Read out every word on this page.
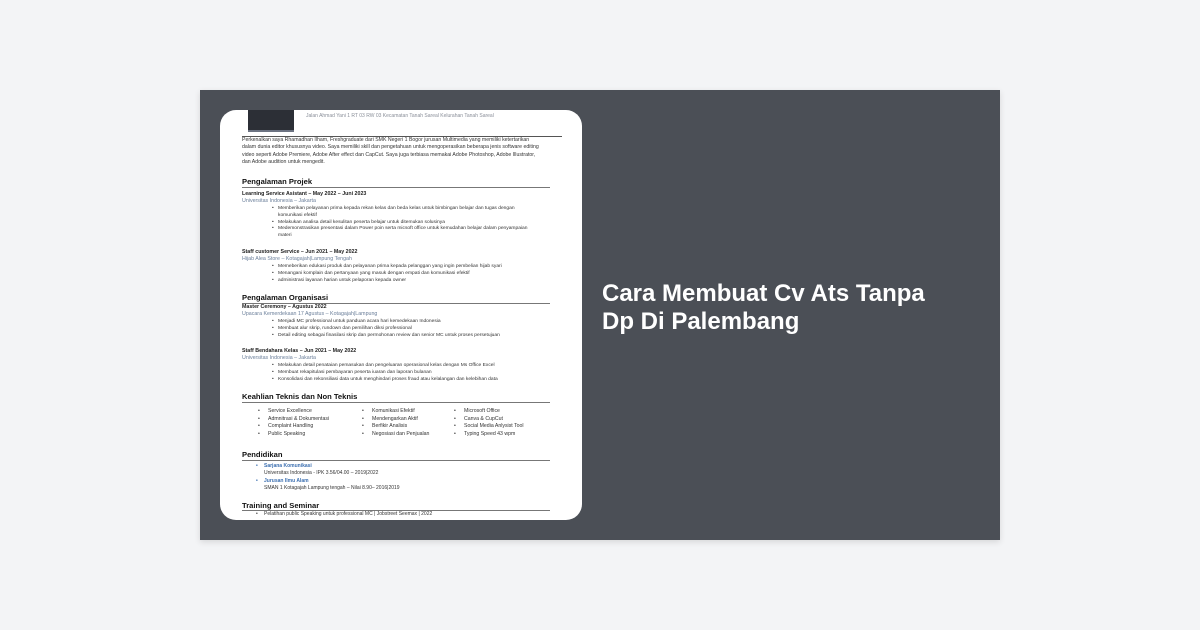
Jalan Ahmad Yani 1 RT 03 RW 03 Kecamatan Tanah Sareal Kelurahan Tanah Sareal
Perkenalkan saya Rhamadhan Ilham, Freshgraduate dari SMK Negeri 1 Bogor jurusan Multimedia yang memiliki ketertarikan dalam dunia editor khususnya video. Saya memiliki skill dan pengetahuan untuk mengoperasikan beberapa jenis software editing video seperti Adobe Premiere, Adobe After effect dan CapCut. Saya juga terbiasa memakai Adobe Photoshop, Adobe Illustrator, dan Adobe audition untuk mengedit.
Pengalaman Projek
Learning Service Asistant – May 2022 – Juni 2023
Universitas Indonesia – Jakarta
• Memberikan pelayanan prima kepada rekan kelas dan beda kelas untuk bimbingan belajar dan tugas dengan komunikasi efektif
• Melakukan analisa detail kesulitan peserta belajar untuk ditemukan solusinya
• Medemonstrasikan presentasi dalam Power poin serta micsoft office untuk kemudahan belajar dalam penyampaian materi
Staff customer Service – Jun 2021 – May 2022
Hijab Alea Store – Kotagajah|Lampung Tengah
• Memeberikan edukasi produk dan pelayanan prima kepada pelanggan yang ingin pembelian hijab syari
• Menangani komplain dan pertanyaan yang masuk dengan empati dan komunikasi efektif
• administrasi layanan harian untuk pelaporan kepada owner
Pengalaman Organisasi
Master Ceremony – Agustus 2022
Upacara Kemerdekaan 17 Agustus – Kotagajah|Lampung
• Menjadi MC professional untuk panduan acara hari kemedekaan Indonesia
• Membuat alur skrip, rundown dan pemilihan diksi professional
• Detail editing sebagai finasilasi skrip dan permohonan review dan senior MC untuk proses persetujuan
Staff Bendahara Kelas – Jun 2021 – May 2022
Universitas Indonesia – Jakarta
• Melakukan detail penataian pemasukan dan pengeluaran operasional kelas dengan Ms Office Excel
• Membuat rekapitulasi pembayaran peserta iuaran dan laporan bulanan
• Konsolidasi dan rekonsiliasi data untuk menghindari proses fraud atau kelalangan dan kelebihan data
Keahlian Teknis dan Non Teknis
• Service Excellence
• Admnitrasi & Dokumentasi
• Complaint Handling
• Public Speaking
• Komunikasi Efektif
• Mendengarkan Aktif
• Berfikir Analisis
• Negosiasi dan Penjualan
• Microsoft Office
• Canva & CupCut
• Social Media Anlysist Tool
• Typing Speed 43 wpm
Pendidikan
• Sarjana Komunikasi
Universitas Indonesia - IPK 3.56/04.00 – 2019|2022
• Jurusan Ilmu Alam
SMAN 1 Kotagajah Lampung tengah – Nilai 8.90– 2016|2019
Training and Seminar
• Pelatihan public Speaking untuk professional MC | Jobstreet Seemax | 2022
Cara Membuat Cv Ats Tanpa Dp Di Palembang
